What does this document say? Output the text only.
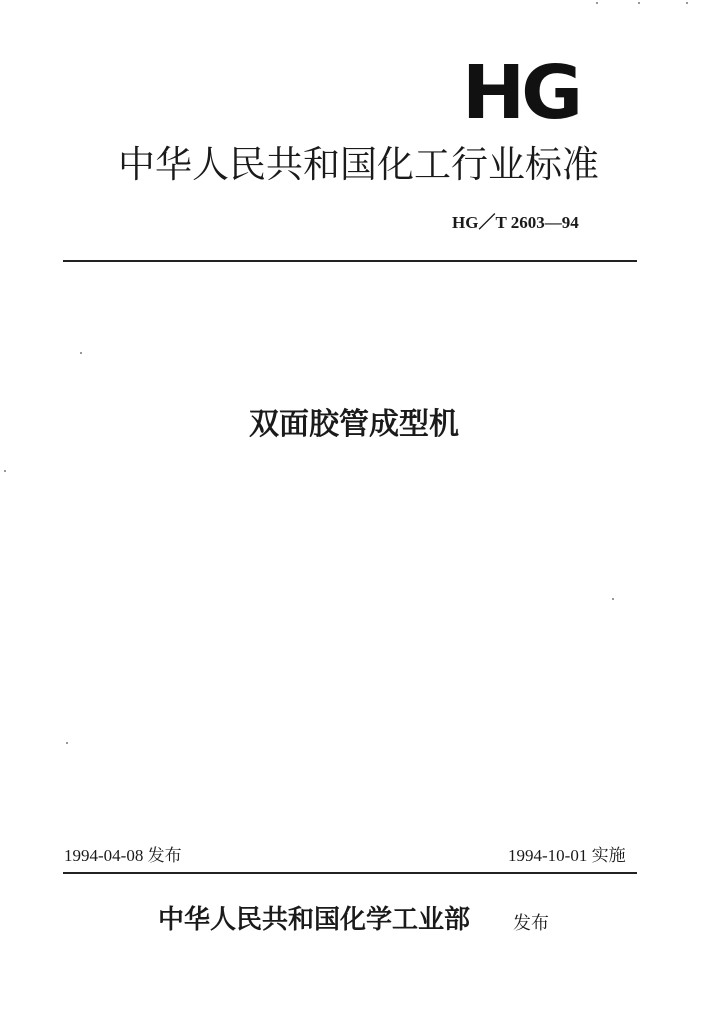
HG
中华人民共和国化工行业标准
HG／T 2603—94
双面胶管成型机
1994-04-08 发布	1994-10-01 实施
中华人民共和国化学工业部 发布
